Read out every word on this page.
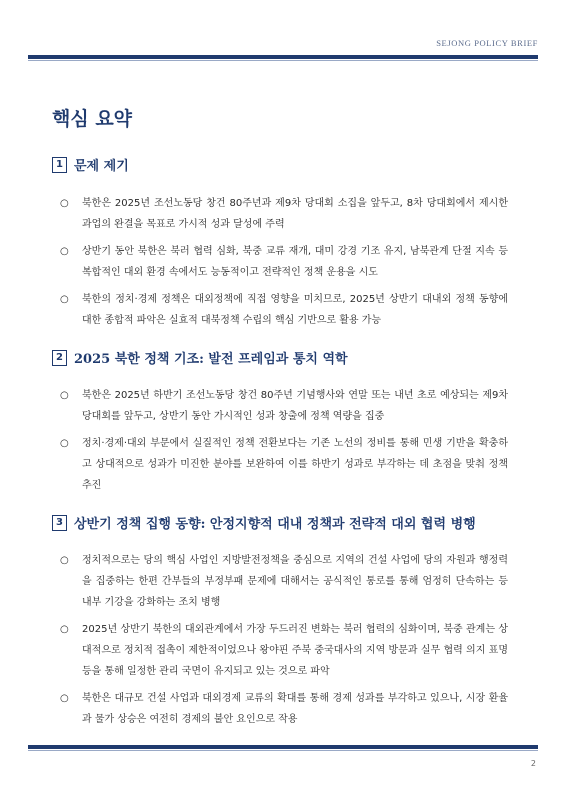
SEJONG POLICY BRIEF
핵심 요약
1 문제 제기
○	북한은 2025년 조선노동당 창건 80주년과 제9차 당대회 소집을 앞두고, 8차 당대회에서 제시한 과업의 완결을 목표로 가시적 성과 달성에 주력
○	상반기 동안 북한은 북러 협력 심화, 북중 교류 재개, 대미 강경 기조 유지, 남북관계 단절 지속 등 복합적인 대외 환경 속에서도 능동적이고 전략적인 정책 운용을 시도
○	북한의 정치·경제 정책은 대외정책에 직접 영향을 미치므로, 2025년 상반기 대내외 정책 동향에 대한 종합적 파악은 실효적 대북정책 수립의 핵심 기반으로 활용 가능
2 2025 북한 정책 기조: 발전 프레임과 통치 역학
○	북한은 2025년 하반기 조선노동당 창건 80주년 기념행사와 연말 또는 내년 초로 예상되는 제9차 당대회를 앞두고, 상반기 동안 가시적인 성과 창출에 정책 역량을 집중
○	정치·경제·대외 부문에서 실질적인 정책 전환보다는 기존 노선의 정비를 통해 민생 기반을 확충하고 상대적으로 성과가 미진한 분야를 보완하여 이를 하반기 성과로 부각하는 데 초점을 맞춰 정책 추진
3 상반기 정책 집행 동향: 안정지향적 대내 정책과 전략적 대외 협력 병행
○	정치적으로는 당의 핵심 사업인 지방발전정책을 중심으로 지역의 건설 사업에 당의 자원과 행정력을 집중하는 한편 간부들의 부정부패 문제에 대해서는 공식적인 통로를 통해 엄정히 단속하는 등 내부 기강을 강화하는 조치 병행
○	2025년 상반기 북한의 대외관계에서 가장 두드러진 변화는 북러 협력의 심화이며, 북중 관계는 상대적으로 정치적 접촉이 제한적이었으나 왕야핀 주북 중국대사의 지역 방문과 실무 협력 의지 표명 등을 통해 일정한 관리 국면이 유지되고 있는 것으로 파악
○	북한은 대규모 건설 사업과 대외경제 교류의 확대를 통해 경제 성과를 부각하고 있으나, 시장 환율과 물가 상승은 여전히 경제의 불안 요인으로 작용
2
